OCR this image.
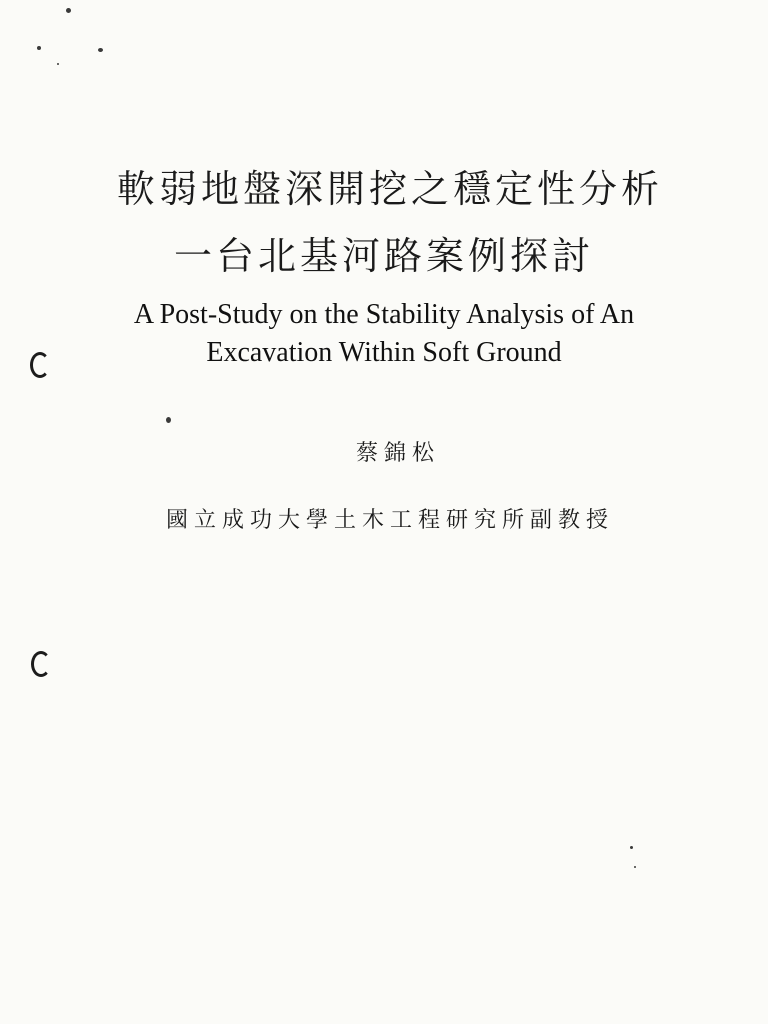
軟弱地盤深開挖之穩定性分析
一台北基河路案例探討
A Post-Study on the Stability Analysis of An
Excavation Within Soft Ground
蔡錦松
國立成功大學土木工程研究所副教授
